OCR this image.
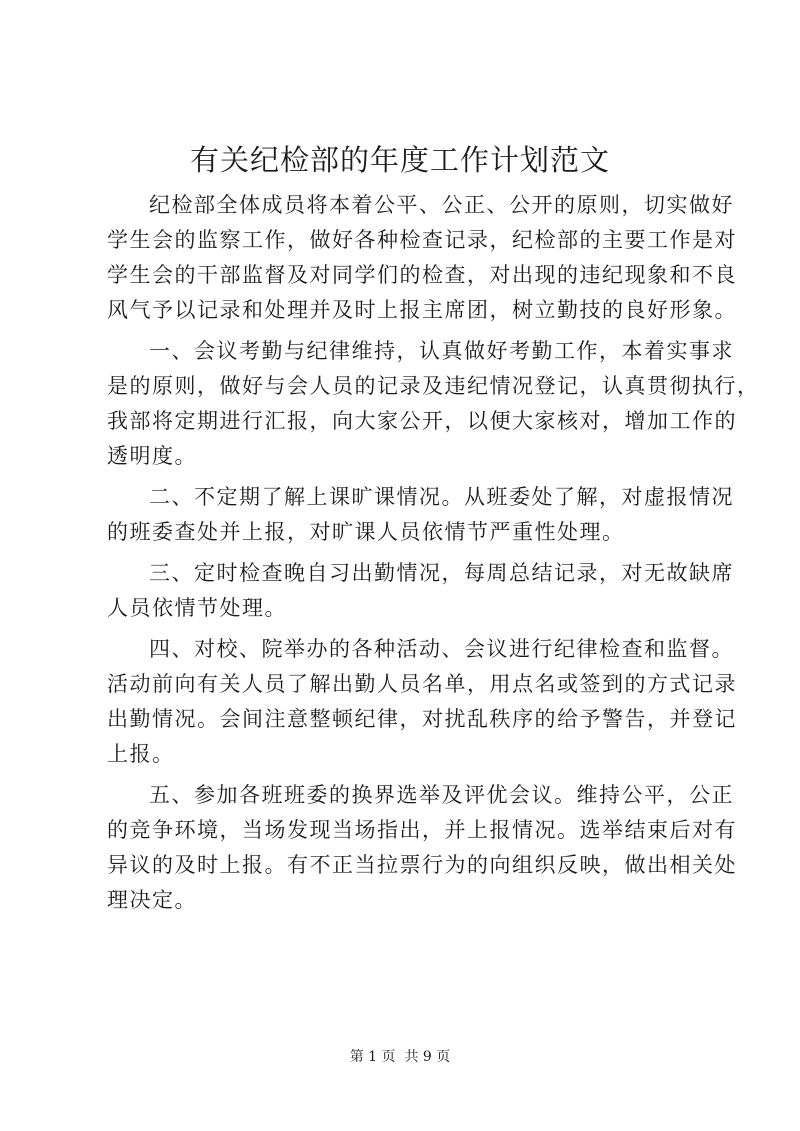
有关纪检部的年度工作计划范文
纪检部全体成员将本着公平、公正、公开的原则，切实做好
学生会的监察工作，做好各种检查记录，纪检部的主要工作是对
学生会的干部监督及对同学们的检查，对出现的违纪现象和不良
风气予以记录和处理并及时上报主席团，树立勤技的良好形象。
一、会议考勤与纪律维持，认真做好考勤工作，本着实事求
是的原则，做好与会人员的记录及违纪情况登记，认真贯彻执行，
我部将定期进行汇报，向大家公开，以便大家核对，增加工作的
透明度。
二、不定期了解上课旷课情况。从班委处了解，对虚报情况
的班委查处并上报，对旷课人员依情节严重性处理。
三、定时检查晚自习出勤情况，每周总结记录，对无故缺席
人员依情节处理。
四、对校、院举办的各种活动、会议进行纪律检查和监督。
活动前向有关人员了解出勤人员名单，用点名或签到的方式记录
出勤情况。会间注意整顿纪律，对扰乱秩序的给予警告，并登记
上报。
五、参加各班班委的换界选举及评优会议。维持公平，公正
的竞争环境，当场发现当场指出，并上报情况。选举结束后对有
异议的及时上报。有不正当拉票行为的向组织反映，做出相关处
理决定。
第 1 页  共 9 页
